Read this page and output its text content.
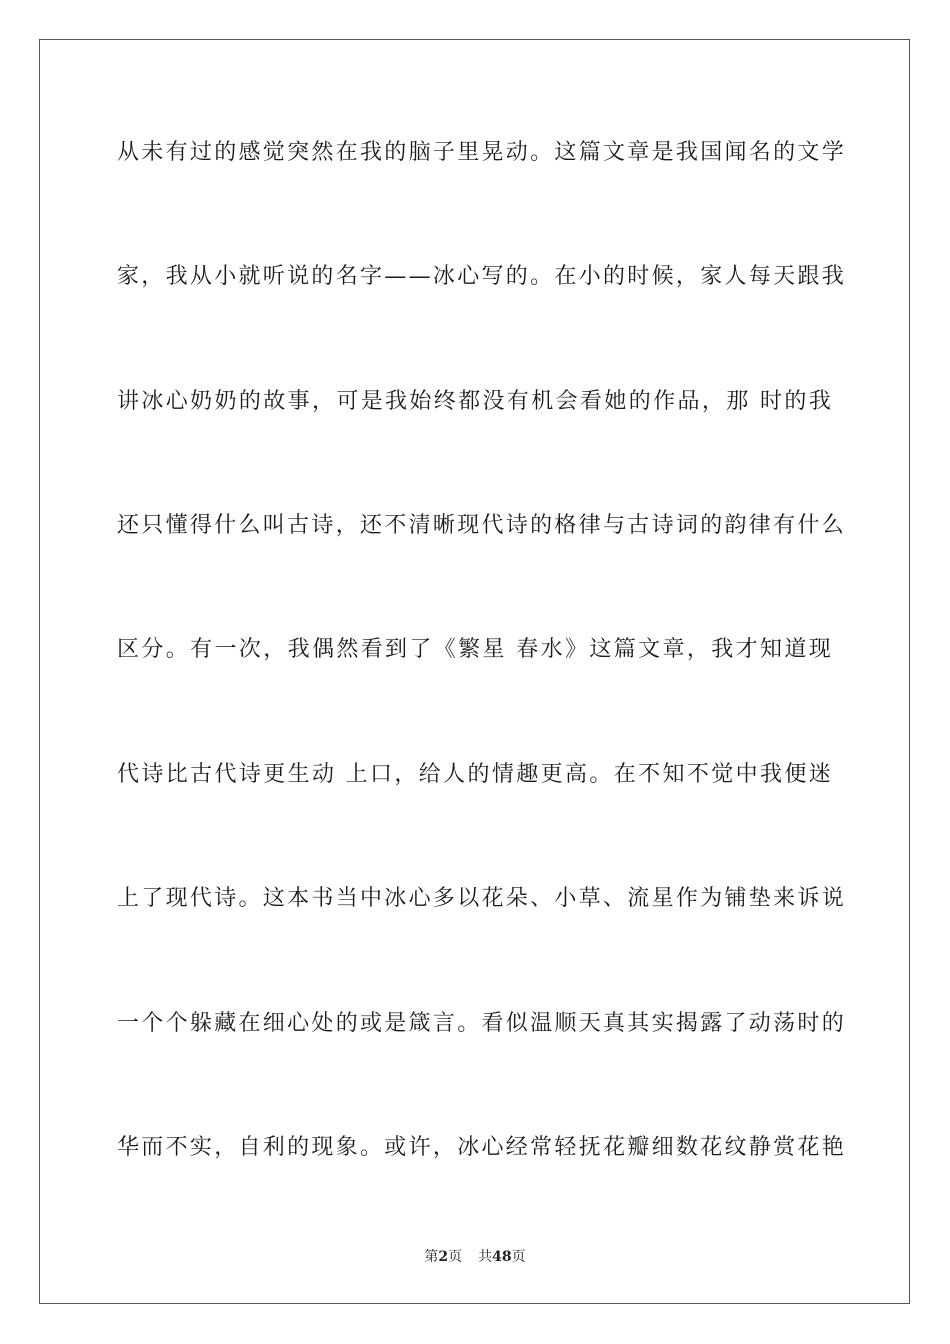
从未有过的感觉突然在我的脑子里晃动。这篇文章是我国闻名的文学
家，我从小就听说的名字——冰心写的。在小的时候，家人每天跟我
讲冰心奶奶的故事，可是我始终都没有机会看她的作品，那 时的我
还只懂得什么叫古诗，还不清晰现代诗的格律与古诗词的韵律有什么
区分。有一次，我偶然看到了《繁星 春水》这篇文章，我才知道现
代诗比古代诗更生动 上口，给人的情趣更高。在不知不觉中我便迷
上了现代诗。这本书当中冰心多以花朵、小草、流星作为铺垫来诉说
一个个躲藏在细心处的或是箴言。看似温顺天真其实揭露了动荡时的
华而不实，自利的现象。或许，冰心经常轻抚花瓣细数花纹静赏花艳
第2页 共48页
